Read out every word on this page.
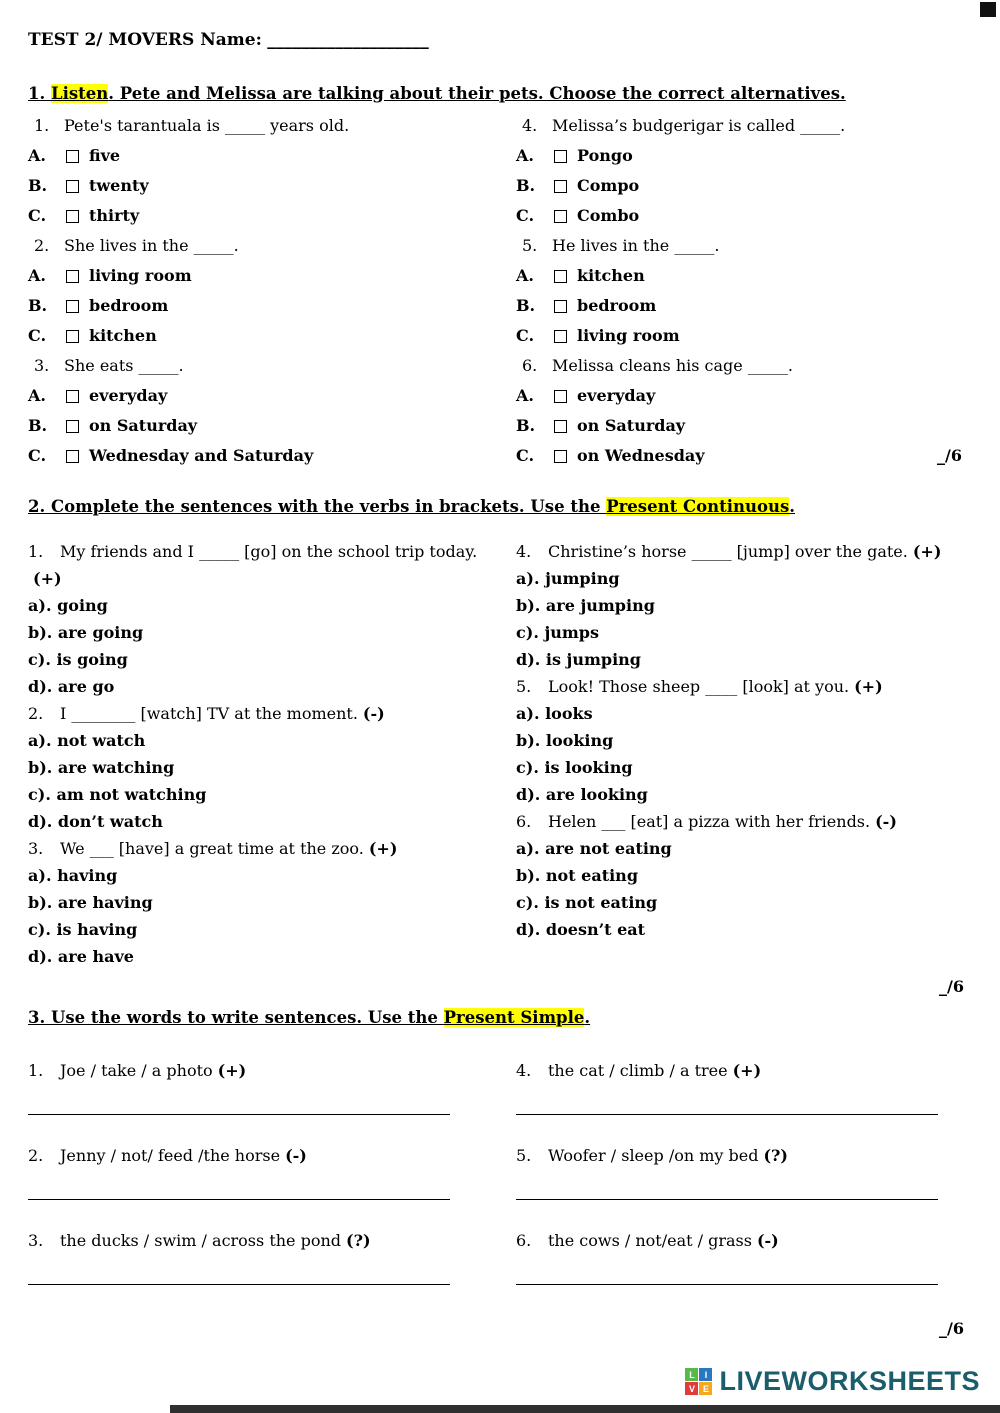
TEST 2/ MOVERS Name: ___________________
1. Listen. Pete and Melissa are talking about their pets. Choose the correct alternatives.
1. Pete's tarantuala is _____ years old.
A.	five
B.	twenty
C.	thirty
2. She lives in the _____.
A.	living room
B.	bedroom
C.	kitchen
3. She eats _____.
A.	everyday
B.	on Saturday
C.	Wednesday and Saturday
4. Melissa’s budgerigar is called _____.
A.	Pongo
B.	Compo
C.	Combo
5. He lives in the _____.
A.	kitchen
B.	bedroom
C.	living room
6. Melissa cleans his cage _____.
A.	everyday
B.	on Saturday
C.	on Wednesday	_/6
2. Complete the sentences with the verbs in brackets. Use the Present Continuous.

1. My friends and I _____ [go] on the school trip today.(+)

a). going
b). are going
c). is going
d). are go

2. I ________ [watch] TV at the moment. (-)

a). not watch
b). are watching
c). am not watching
d). don’t watch

3. We ___ [have] a great time at the zoo. (+)

a). having
b). are having
c). is having
d). are have

4. Christine’s horse _____ [jump] over the gate. (+)

a). jumping
b). are jumping
c). jumps
d). is jumping

5. Look! Those sheep ____ [look] at you. (+)

a). looks
b). looking
c). is looking
d). are looking

6. Helen ___ [eat] a pizza with her friends. (-)

a). are not eating
b). not eating
c). is not eating
d). doesn’t eat
_/6
3. Use the words to write sentences. Use the Present Simple.

1. Joe / take / a photo (+)

2. Jenny / not/ feed /the horse (-)

3. the ducks / swim / across the pond (?)

4. the cat / climb / a tree (+)

5. Woofer / sleep /on my bed (?)

6. the cows / not/eat / grass (-)

_/6
L	I
V E LIVEWORKSHEETS
